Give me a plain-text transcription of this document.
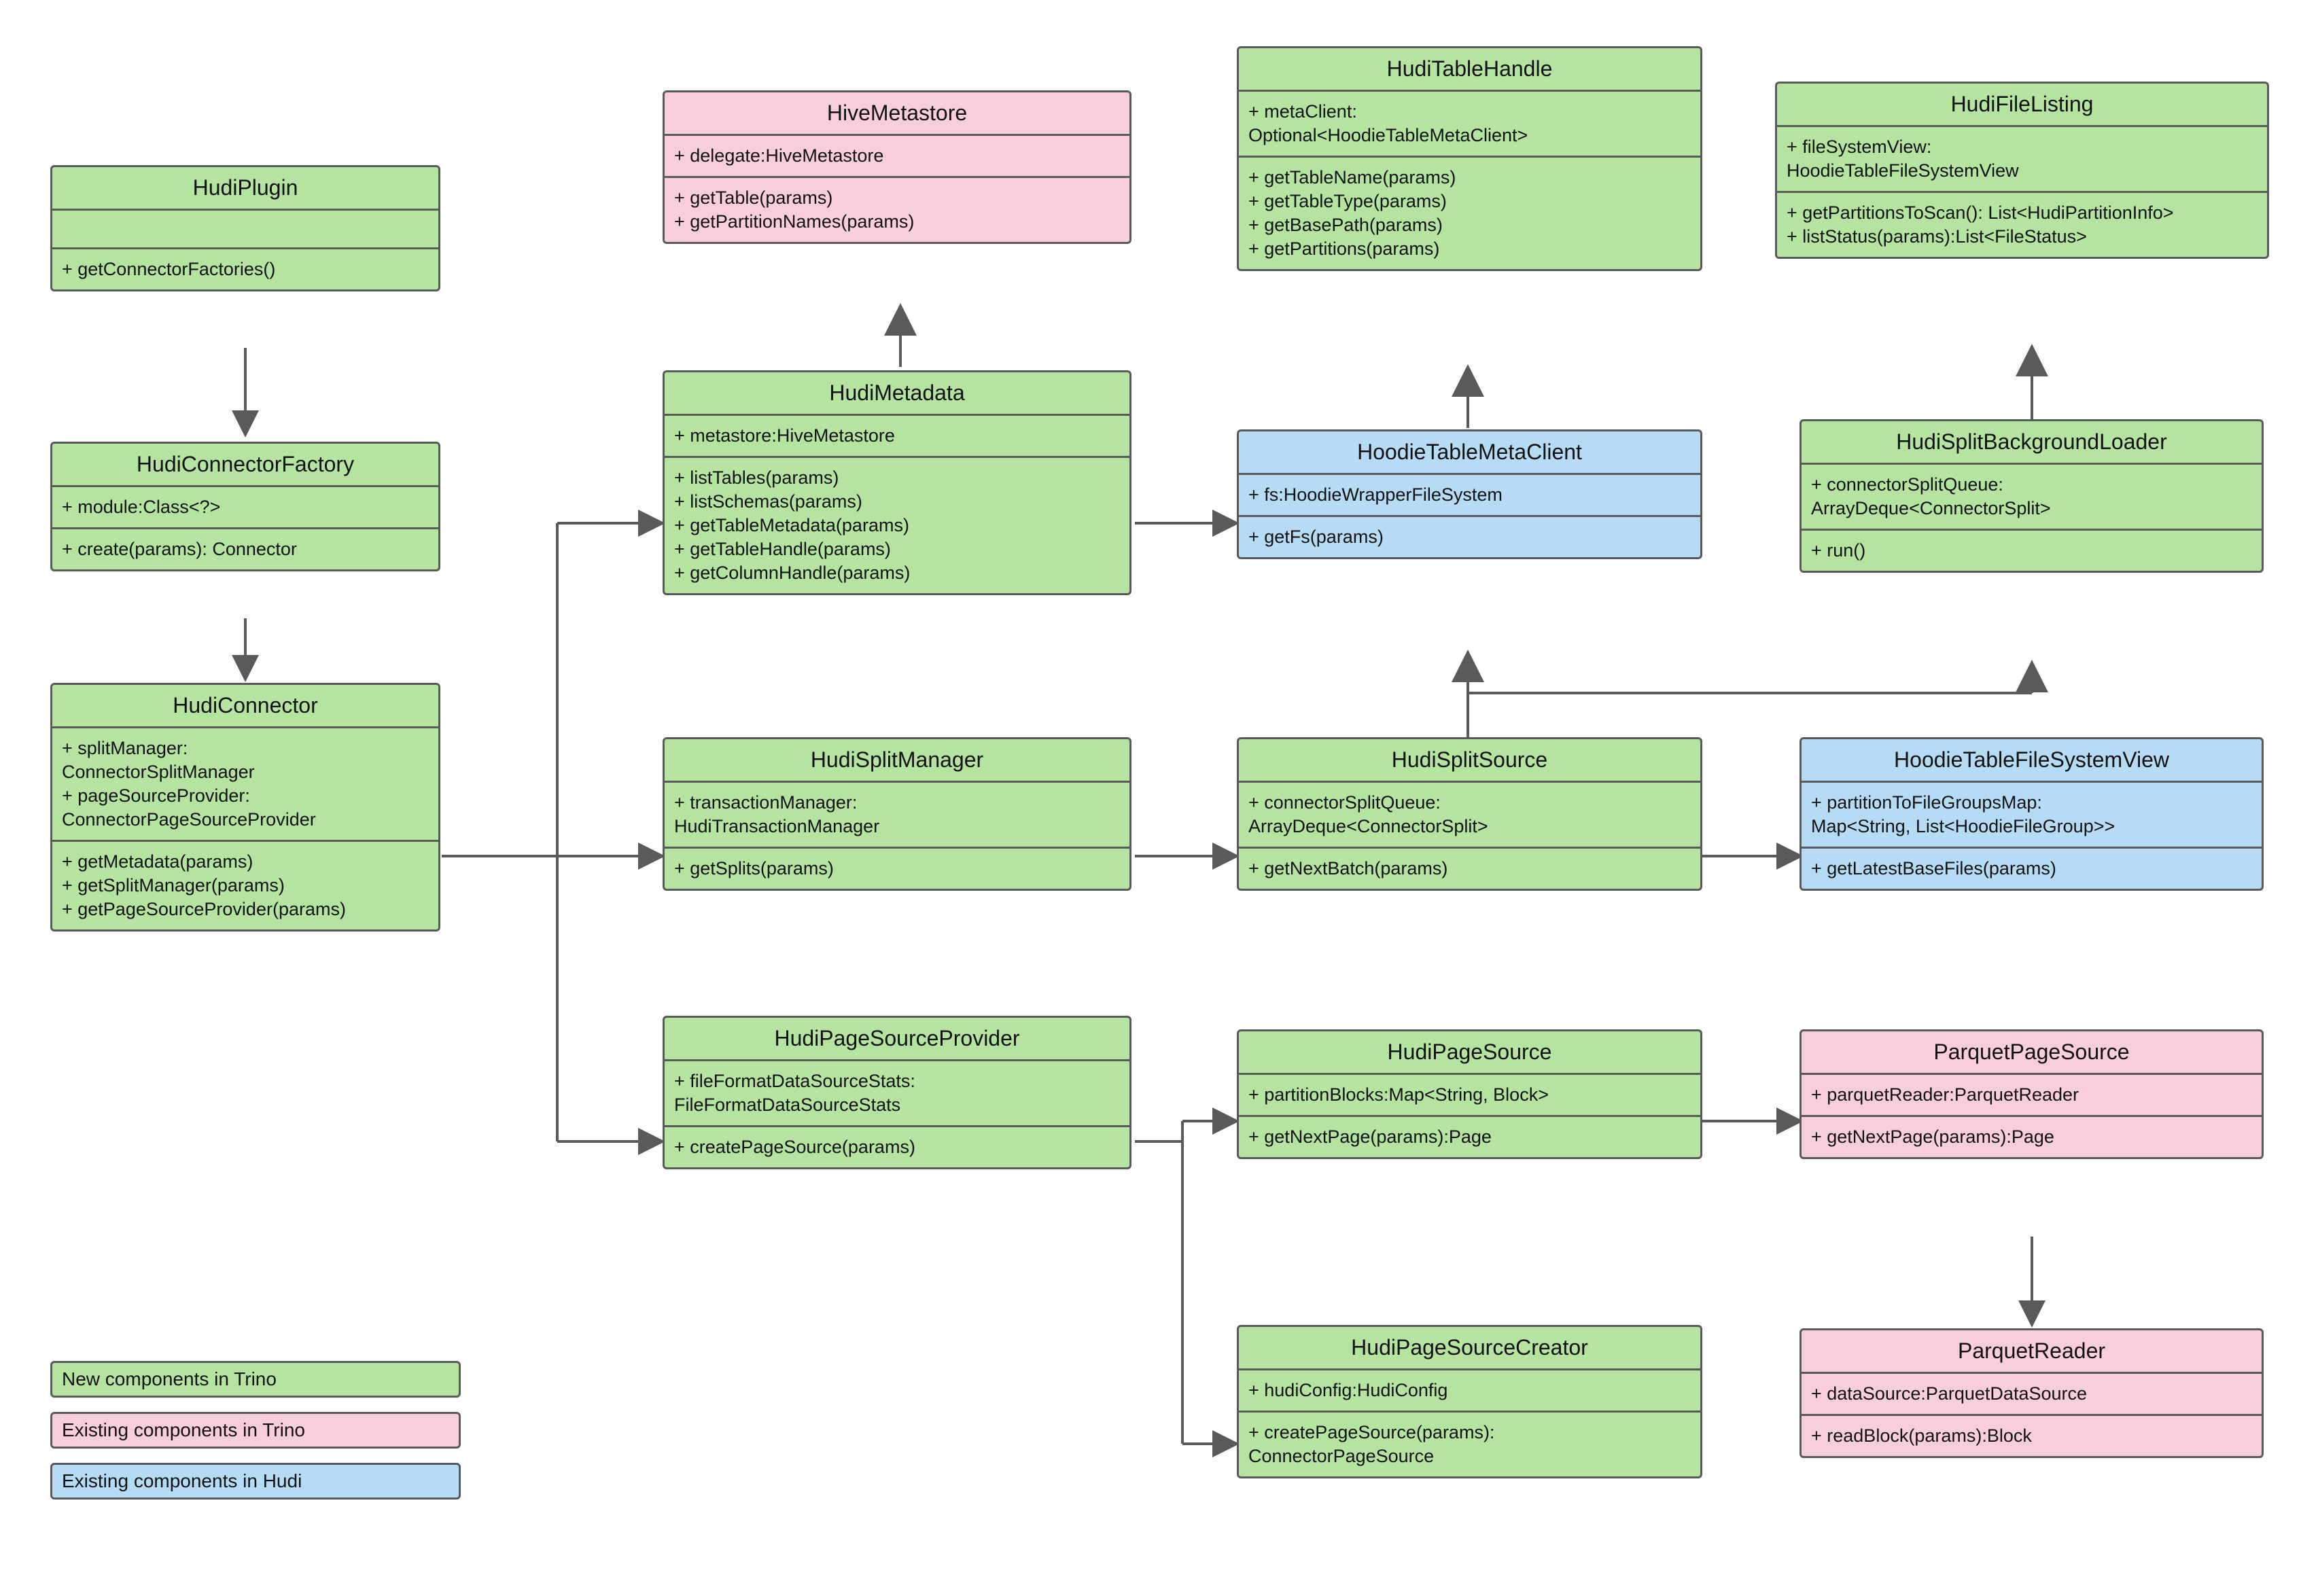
HudiPlugin
+ getConnectorFactories()
HudiConnectorFactory
+ module:Class<?>
+ create(params): Connector
HudiConnector
+ splitManager:
ConnectorSplitManager
+ pageSourceProvider:
ConnectorPageSourceProvider
+ getMetadata(params)
+ getSplitManager(params)
+ getPageSourceProvider(params)
HiveMetastore
+ delegate:HiveMetastore
+ getTable(params)
+ getPartitionNames(params)
HudiMetadata
+ metastore:HiveMetastore
+ listTables(params)
+ listSchemas(params)
+ getTableMetadata(params)
+ getTableHandle(params)
+ getColumnHandle(params)
HudiSplitManager
+ transactionManager:
HudiTransactionManager
+ getSplits(params)
HudiPageSourceProvider
+ fileFormatDataSourceStats:
FileFormatDataSourceStats
+ createPageSource(params)
HudiTableHandle
+ metaClient:
Optional<HoodieTableMetaClient>
+ getTableName(params)
+ getTableType(params)
+ getBasePath(params)
+ getPartitions(params)
HoodieTableMetaClient
+ fs:HoodieWrapperFileSystem
+ getFs(params)
HudiSplitSource
+ connectorSplitQueue:
ArrayDeque<ConnectorSplit>
+ getNextBatch(params)
HudiPageSource
+ partitionBlocks:Map<String, Block>
+ getNextPage(params):Page
HudiPageSourceCreator
+ hudiConfig:HudiConfig
+ createPageSource(params):
ConnectorPageSource
HudiFileListing
+ fileSystemView:
HoodieTableFileSystemView
+ getPartitionsToScan(): List<HudiPartitionInfo>
+ listStatus(params):List<FileStatus>
HudiSplitBackgroundLoader
+ connectorSplitQueue:
ArrayDeque<ConnectorSplit>
+ run()
HoodieTableFileSystemView
+ partitionToFileGroupsMap:
Map<String, List<HoodieFileGroup>>
+ getLatestBaseFiles(params)
ParquetPageSource
+ parquetReader:ParquetReader
+ getNextPage(params):Page
ParquetReader
+ dataSource:ParquetDataSource
+ readBlock(params):Block
New components in Trino
Existing components in Trino
Existing components in Hudi
